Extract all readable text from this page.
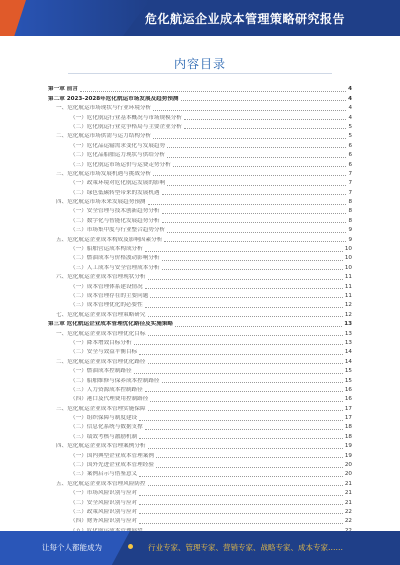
危化航运企业成本管理策略研究报告
内容目录
第一章 前言	4
第二章 2023-2028年危化航运市场发展及趋势预测	4
一、危化航运市场现状与行业环境分析	4
（一）危化航运行业基本概况与市场规模分析	4
（二）危化航运行业竞争格局与主要企业分析	5
二、危化航运市场供需与运力结构分析	5
（一）危化品运输需求变化与发展趋势	6
（二）危化品船舶运力现状与供给分析	6
（三）危化航运市场运价与运费走势分析	6
三、危化航运市场发展机遇与挑战分析	7
（一）政策环境对危化航运发展的影响	7
（二）绿色低碳转型带来的发展机遇	7
四、危化航运市场未来发展趋势预测	8
（一）安全管理与技术创新趋势分析	8
（二）数字化与智能化发展趋势分析	8
（三）市场集中度与行业整合趋势分析	9
五、危化航运企业成本构成及影响因素分析	9
（一）船舶营运成本构成分析	10
（二）燃油成本与价格波动影响分析	10
（三）人工成本与安全管理成本分析	10
六、危化航运企业成本管理现状分析	11
（一）成本管理体系建设情况	11
（二）成本管理存在的主要问题	11
（三）成本管理优化的必要性	12
七、危化航运企业成本管理策略研究	12
第三章 危化航运企业成本管理优化路径及实施策略	13
一、危化航运企业成本管理优化目标	13
（一）降本增效目标分析	13
（二）安全与效益平衡目标	14
二、危化航运企业成本管理优化路径	14
（一）燃油成本控制路径	15
（二）船舶维修与保养成本控制路径	15
（三）人力资源成本控制路径	16
（四）港口及代理费用控制路径	16
三、危化航运企业成本管理实施保障	17
（一）组织保障与制度建设	17
（二）信息化系统与数据支撑	18
（三）绩效考核与激励机制	18
四、危化航运企业成本管理案例分析	19
（一）国内典型企业成本管理案例	19
（二）国外先进企业成本管理经验	20
（三）案例启示与借鉴意义	20
五、危化航运企业成本管理风险防控	21
（一）市场风险识别与应对	21
（二）安全风险识别与应对	21
（三）政策风险识别与应对	22
（四）财务风险识别与应对	22
让每个人都能成为	行业专家、管理专家、营销专家、战略专家、成本专家……
